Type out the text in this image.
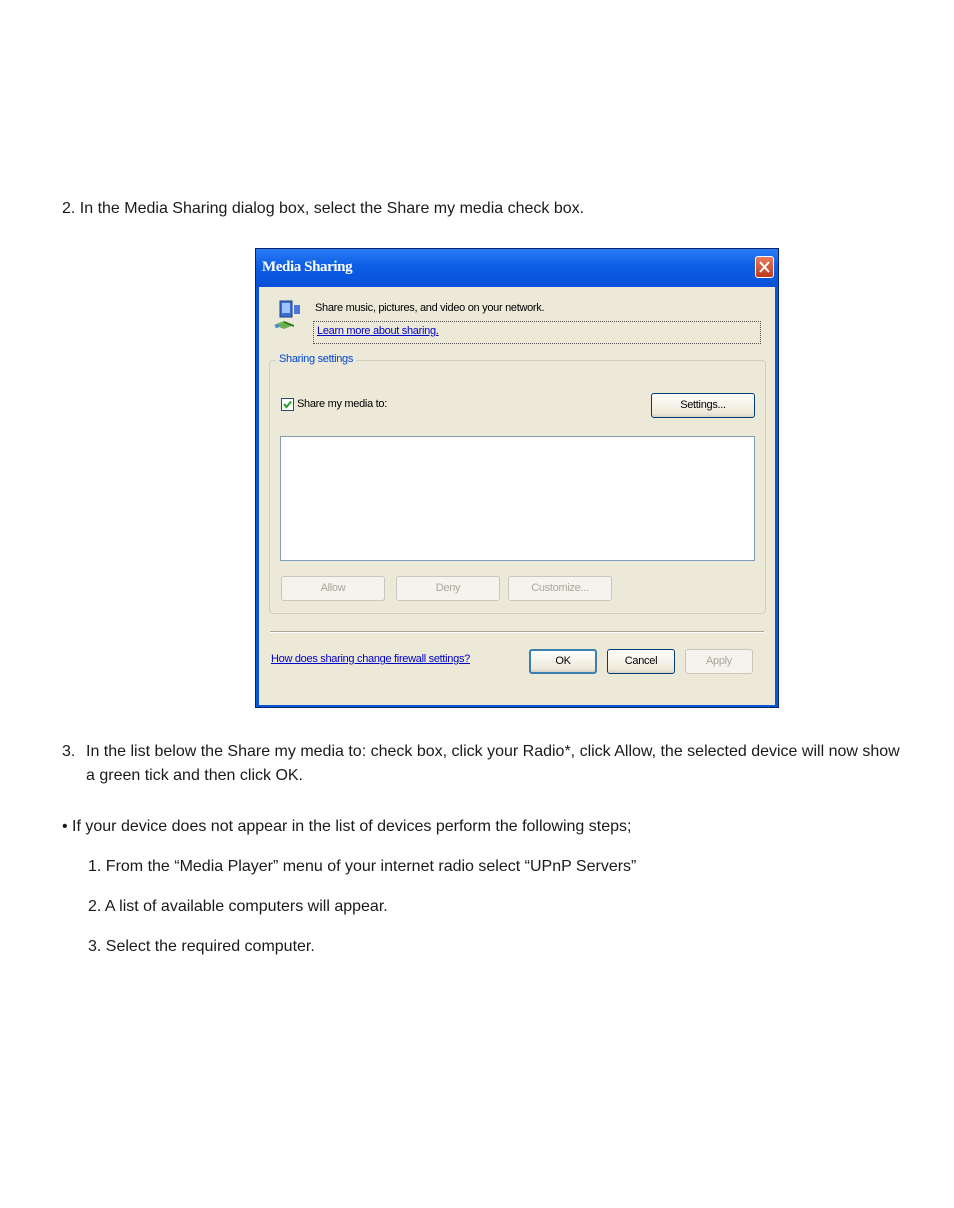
2. In the Media Sharing dialog box, select the Share my media check box.

Media Sharing
Share music, pictures, and video on your network.
Learn more about sharing.
Sharing settings
Share my media to:	Settings...
Allow	Deny	Customize...
How does sharing change firewall settings?	OK	Cancel	Apply
3. In the list below the Share my media to: check box, click your Radio*, click Allow, the selected device will now show a green tick and then click OK.

• If your device does not appear in the list of devices perform the following steps;

1. From the “Media Player” menu of your internet radio select “UPnP Servers”

2. A list of available computers will appear.

3. Select the required computer.
